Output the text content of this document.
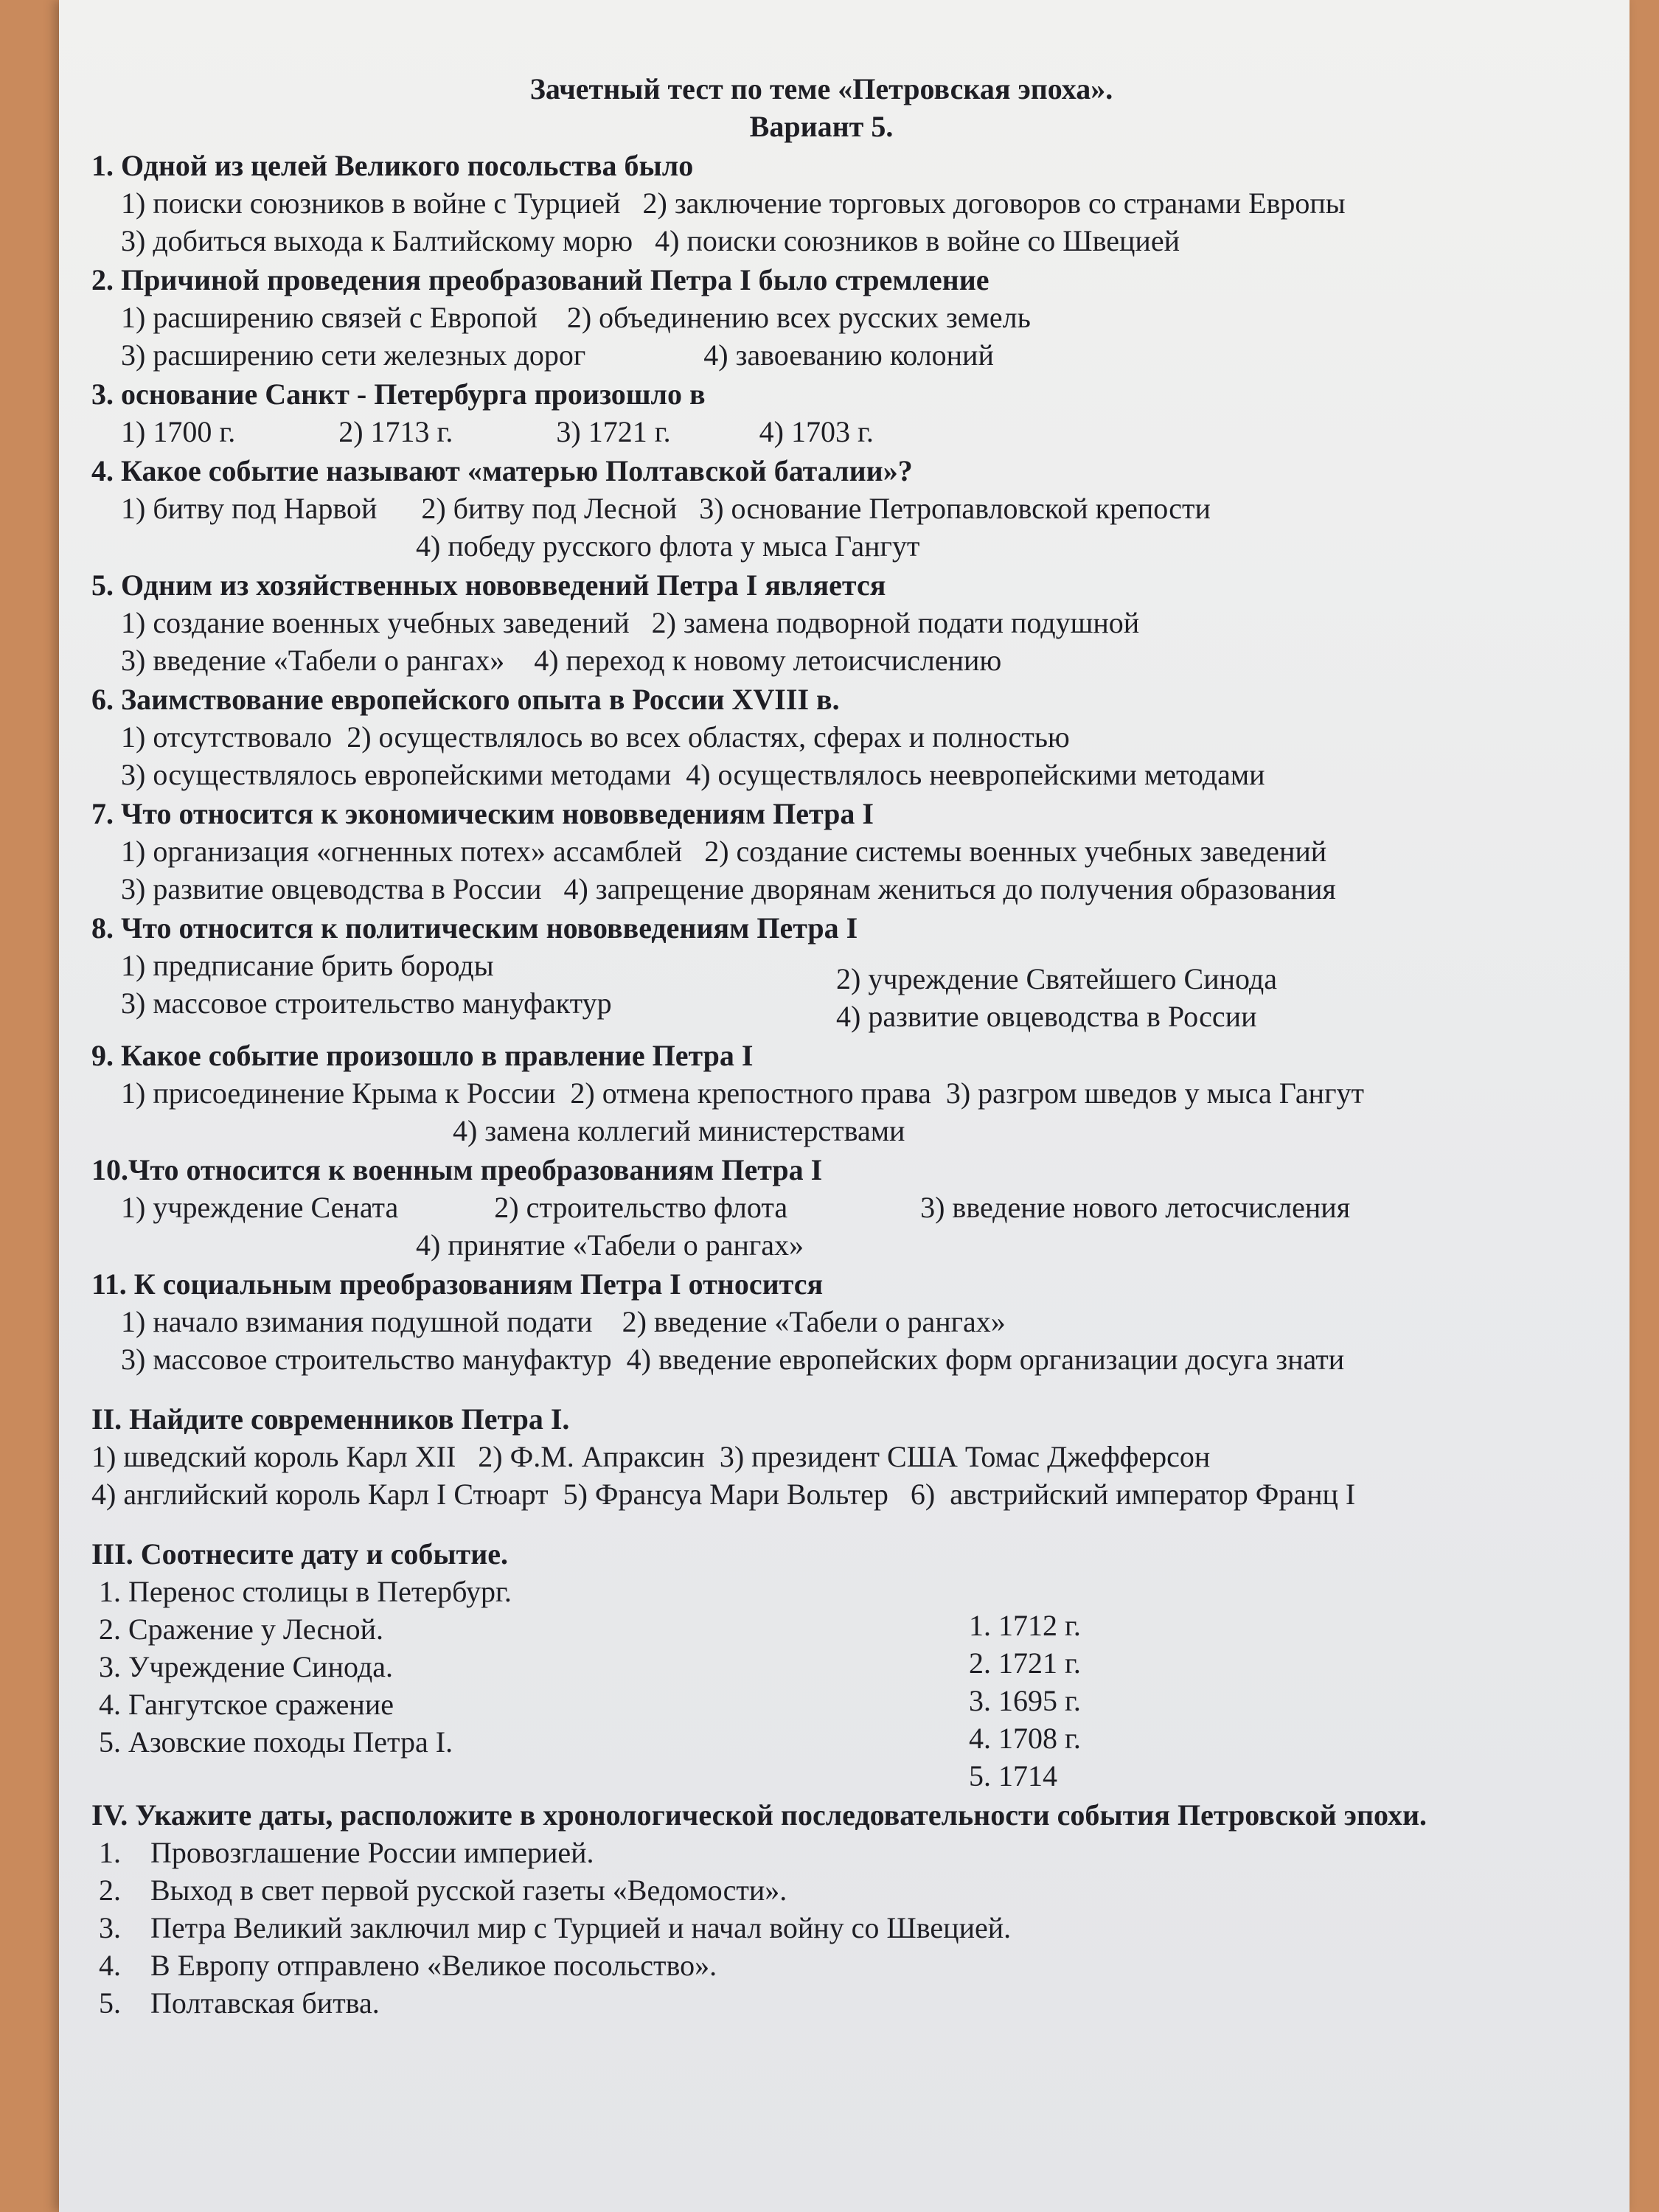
Зачетный тест по теме «Петровская эпоха».
Вариант 5.
1. Одной из целей Великого посольства было
1) поиски союзников в войне с Турцией   2) заключение торговых договоров со странами Европы
3) добиться выхода к Балтийскому морю   4) поиски союзников в войне со Швецией
2. Причиной проведения преобразований Петра I было стремление
1) расширению связей с Европой    2) объединению всех русских земель
3) расширению сети железных дорог                4) завоеванию колоний
3. основание Санкт - Петербурга произошло в
1) 1700 г.              2) 1713 г.              3) 1721 г.            4) 1703 г.
4. Какое событие называют «матерью Полтавской баталии»?
1) битву под Нарвой      2) битву под Лесной   3) основание Петропавловской крепости
4) победу русского флота у мыса Гангут
5. Одним из хозяйственных нововведений Петра I является
1) создание военных учебных заведений   2) замена подворной подати подушной
3) введение «Табели о рангах»    4) переход к новому летоисчислению
6. Заимствование европейского опыта в России XVIII в.
1) отсутствовало  2) осуществлялось во всех областях, сферах и полностью
3) осуществлялось европейскими методами  4) осуществлялось неевропейскими методами
7. Что относится к экономическим нововведениям Петра I
1) организация «огненных потех» ассамблей   2) создание системы военных учебных заведений
3) развитие овцеводства в России   4) запрещение дворянам жениться до получения образования
8. Что относится к политическим нововведениям Петра I
1) предписание брить бороды
3) массовое строительство мануфактур
2) учреждение Святейшего Синода
4) развитие овцеводства в России
9. Какое событие произошло в правление Петра I
1) присоединение Крыма к России  2) отмена крепостного права  3) разгром шведов у мыса Гангут
4) замена коллегий министерствами
10.Что относится к военным преобразованиям Петра I
1) учреждение Сената             2) строительство флота                  3) введение нового летосчисления
4) принятие «Табели о рангах»
11. К социальным преобразованиям Петра I относится
1) начало взимания подушной подати    2) введение «Табели о рангах»
3) массовое строительство мануфактур  4) введение европейских форм организации досуга знати
II. Найдите современников Петра I.
1) шведский король Карл XII   2) Ф.М. Апраксин  3) президент США Томас Джефферсон
4) английский король Карл I Стюарт  5) Франсуа Мари Вольтер   6)  австрийский император Франц I
III. Соотнесите дату и событие.
1. Перенос столицы в Петербург.
2. Сражение у Лесной.
3. Учреждение Синода.
4. Гангутское сражение
5. Азовские походы Петра I.
1. 1712 г.
2. 1721 г.
3. 1695 г.
4. 1708 г.
5. 1714
IV. Укажите даты, расположите в хронологической последовательности события Петровской эпохи.
1.    Провозглашение России империей.
2.    Выход в свет первой русской газеты «Ведомости».
3.    Петра Великий заключил мир с Турцией и начал войну со Швецией.
4.    В Европу отправлено «Великое посольство».
5.    Полтавская битва.
